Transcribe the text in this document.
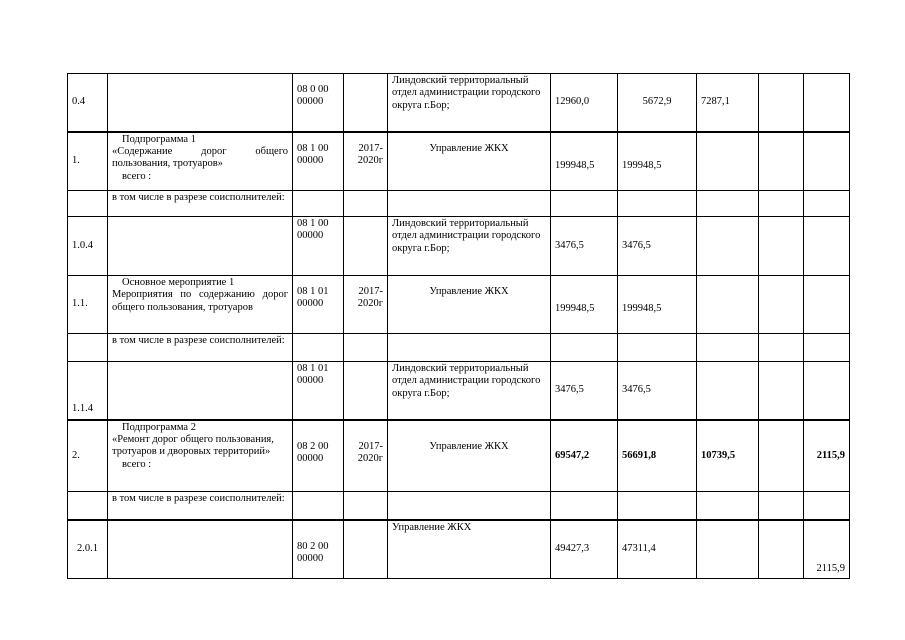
0.4		08 0 00 00000		Линдовский территориальный отдел администрации городского округа г.Бор;	12960,0	5672,9	7287,1		
1.	Подпрограмма 1
«Содержание дорог общего пользования, тротуаров»
всего :	08 1 00 00000	2017-2020г	Управление ЖКХ	199948,5	199948,5			
	в том числе в разрезе соисполнителей:								
1.0.4		08 1 00 00000		Линдовский территориальный отдел администрации городского округа г.Бор;	3476,5	3476,5			
1.1.	Основное мероприятие 1
Мероприятия по содержанию дорог общего пользования, тротуаров	08 1 01 00000	2017-2020г	Управление ЖКХ	199948,5	199948,5			
	в том числе в разрезе соисполнителей:								
1.1.4		08 1 01 00000		Линдовский территориальный отдел администрации городского округа г.Бор;	3476,5	3476,5			
2.	Подпрограмма 2
«Ремонт дорог общего пользования, тротуаров и дворовых территорий»
всего :	08 2 00 00000	2017-2020г	Управление ЖКХ	69547,2	56691,8	10739,5		2115,9
	в том числе в разрезе соисполнителей:								
2.0.1		80 2 00 00000		Управление ЖКХ	49427,3	47311,4			2115,9
